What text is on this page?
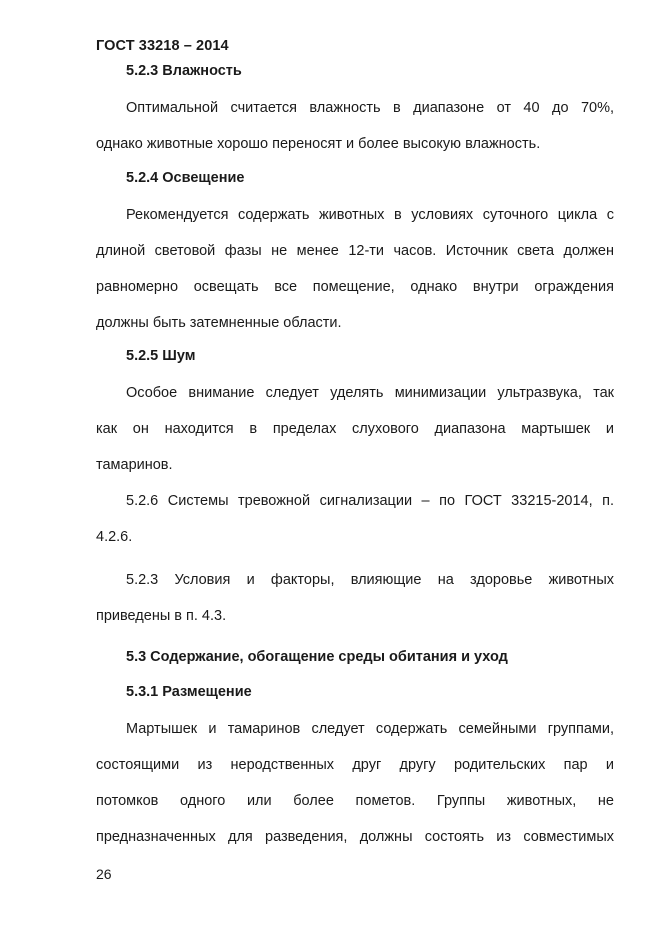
ГОСТ 33218 – 2014
5.2.3 Влажность
Оптимальной считается влажность в диапазоне от 40 до 70%,
однако животные хорошо переносят и более высокую влажность.
5.2.4 Освещение
Рекомендуется содержать животных в условиях суточного цикла с
длиной световой фазы не менее 12-ти часов. Источник света должен
равномерно освещать все помещение, однако внутри ограждения
должны быть затемненные области.
5.2.5 Шум
Особое внимание следует уделять минимизации ультразвука, так
как он находится в пределах слухового диапазона мартышек и
тамаринов.
5.2.6 Системы тревожной сигнализации – по ГОСТ 33215-2014, п.
4.2.6.
5.2.3 Условия и факторы, влияющие на здоровье животных
приведены в п. 4.3.
5.3 Содержание, обогащение среды обитания и уход
5.3.1 Размещение
Мартышек и тамаринов следует содержать семейными группами,
состоящими из неродственных друг другу родительских пар и
потомков одного или более пометов. Группы животных, не
предназначенных для разведения, должны состоять из совместимых
26
